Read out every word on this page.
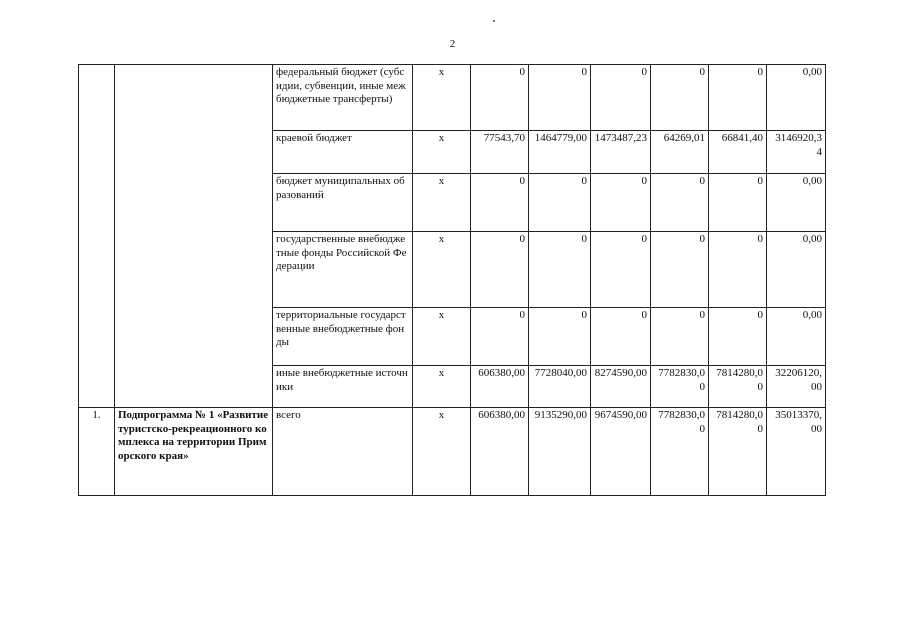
2
		федеральный бюджет (субсидии, субвенции, иные межбюджетные трансферты)	х	0	0	0	0	0	0,00
		краевой бюджет	х	77543,70	1464779,00	1473487,23	64269,01	66841,40	3146920,34
		бюджет муниципальных образований	х	0	0	0	0	0	0,00
		государственные внебюджетные фонды Российской Федерации	х	0	0	0	0	0	0,00
		территориальные государственные внебюджетные фонды	х	0	0	0	0	0	0,00
		иные внебюджетные источники	х	606380,00	7728040,00	8274590,00	7782830,00	7814280,00	32206120,00
1.	Подпрограмма № 1 «Развитие туристско-рекреационного комплекса на территории Приморского края»	всего	х	606380,00	9135290,00	9674590,00	7782830,00	7814280,00	35013370,00
